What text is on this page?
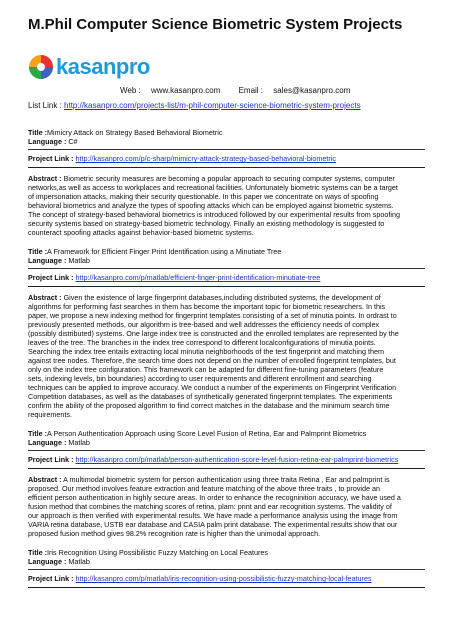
M.Phil Computer Science Biometric System Projects
kasanpro
Web : www.kasanpro.com Email : sales@kasanpro.com
List Link : http://kasanpro.com/projects-list/m-phil-computer-science-biometric-system-projects
Title :Mimicry Attack on Strategy Based Behavioral Biometric
Language : C#
Project Link : http://kasanpro.com/p/c-sharp/mimicry-attack-strategy-based-behavioral-biometric
Abstract : Biometric security measures are becoming a popular approach to securing computer systems, computer
networks,as well as access to workplaces and recreational facilities. Unfortunately biometric systems can be a target
of impersonation attacks, making their security questionable. In this paper we concentrate on ways of spoofing
behavioral biometrics and analyze the types of spoofing attacks which can be employed against biometric systems.
The concept of strategy-based behavioral biometrics is introduced followed by our experimental results from spoofing
security systems based on strategy-based biometric technology. Finally an existing methodology is suggested to
counteract spoofing attacks against behavior-based biometric systems.
Title :A Framework for Efficient Finger Print Identification using a Minutiate Tree
Language : Matlab
Project Link : http://kasanpro.com/p/matlab/efficient-finger-print-identification-minutiate-tree
Abstract : Given the existence of large fingerprint databases,including distributed systems, the development of
algorithms for performing fast searches in them has become the important topic for biometric researchers. In this
paper, we propose a new indexing method for fingerprint templates consisting of a set of minutia points. In ordrast to
previously presented methods, our algorithm is tree-based and well addresses the efficiency needs of complex
(possibly distributed) systems. One large index tree is constructed and the enrolled templates are represented by the
leaves of the tree. The branches in the index tree correspond to different localconfigurations of minutia points.
Searching the index tree entails extracting local minutia neighborhoods of the test fingerprint and matching them
against tree nodes. Therefore, the search time does not depend on the number of enrolled fingerprint templates, but
only on the index tree configuration. This framework can be adapted for different fine-tuning parameters (feature
sets, indexing levels, bin boundaries) according to user requirements and different enrollment and searching
techniques can be applied to improve accuracy. We conduct a number of the experiments on Fingerprint Verification
Competition databases, as well as the databases of synthetically generated fingerprint templates. The experiments
confirm the ability of the proposed algorithm to find correct matches in the database and the minimum search time
requirements.
Title :A Person Authentication Approach using Score Level Fusion of Retina, Ear and Palmprint Biometrics
Language : Matlab
Project Link : http://kasanpro.com/p/matlab/person-authentication-score-level-fusion-retina-ear-palmprint-biometrics
Abstract : A multimodal biometric system for person authentication using three traita Retina , Ear and palmprint is
proposed. Our method involves feature extraction and feature matching of the above three traits , to provide an
efficient person authentication in highly secure areas. In order to enhance the recogninition accuracy, we have used a
fusion method that combines the matching scores of retina, plam: print and ear recognition systems. The validity of
our approach is then verified with experimental results. We have made a performance analysis using the image from
VARIA retina database, USTB ear database and CASIA palm print database. The experimental results show that our
proposed fusion method gives 98.2% recognition rate is higher than the unimodal approach.
Title :Iris Recognition Using Possibilistic Fuzzy Matching on Local Features
Language : Matlab
Project Link : http://kasanpro.com/p/matlab/iris-recognition-using-possibilistic-fuzzy-matching-local-features
